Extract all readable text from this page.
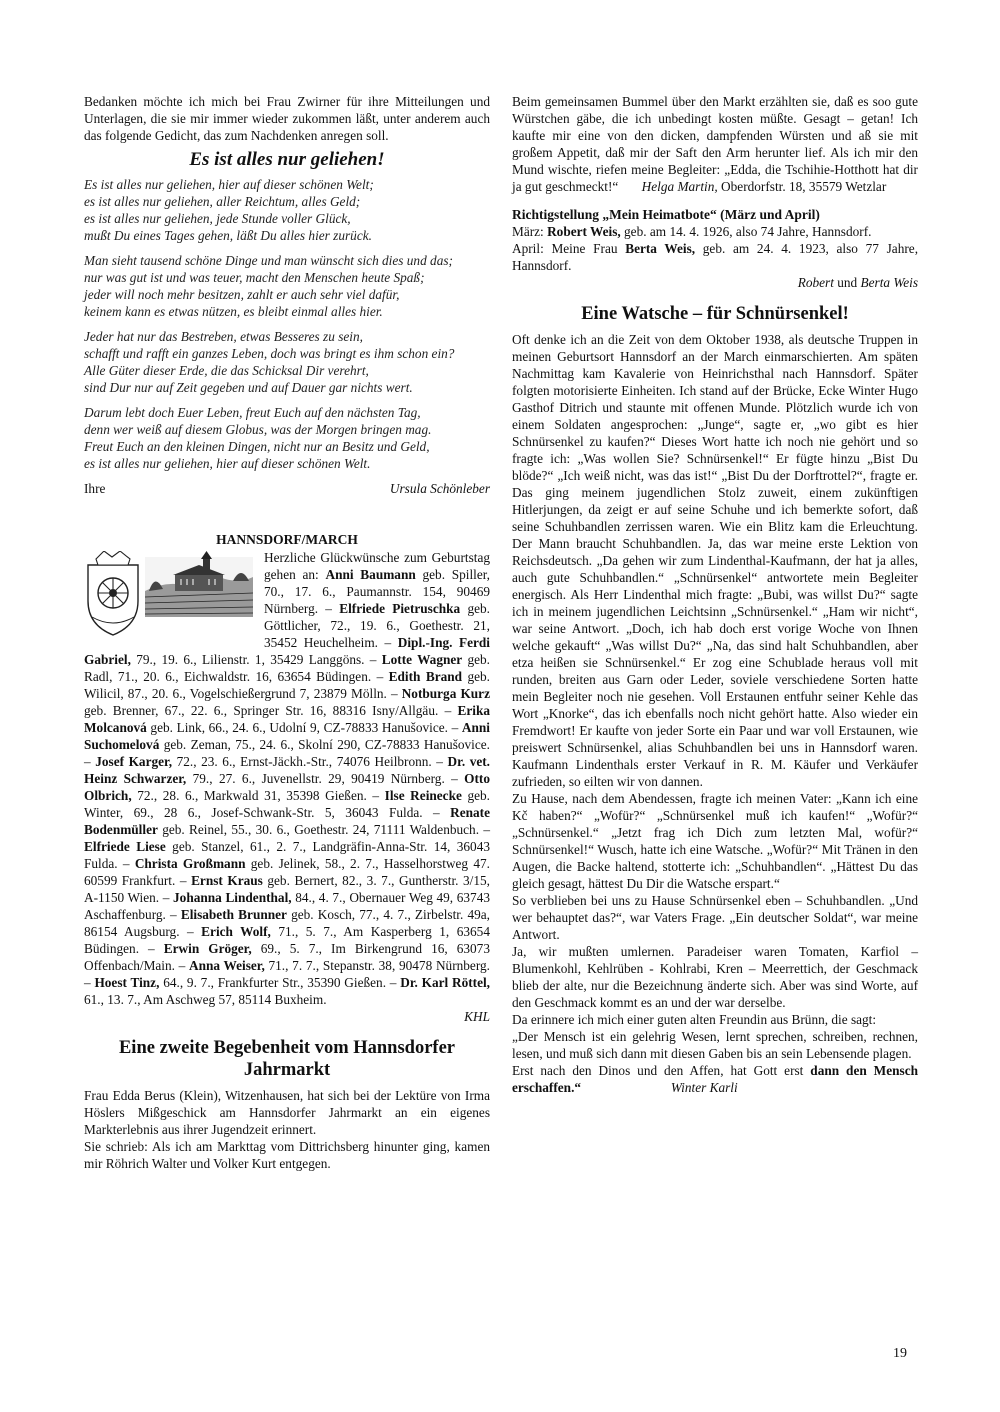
Bedanken möchte ich mich bei Frau Zwirner für ihre Mitteilungen und Unterlagen, die sie mir immer wieder zukommen läßt, unter anderem auch das folgende Gedicht, das zum Nachdenken anregen soll.

Es ist alles nur geliehen!
Es ist alles nur geliehen, hier auf dieser schönen Welt;
es ist alles nur geliehen, aller Reichtum, alles Geld;
es ist alles nur geliehen, jede Stunde voller Glück,
mußt Du eines Tages gehen, läßt Du alles hier zurück.
Man sieht tausend schöne Dinge und man wünscht sich dies und das;
nur was gut ist und was teuer, macht den Menschen heute Spaß;
jeder will noch mehr besitzen, zahlt er auch sehr viel dafür,
keinem kann es etwas nützen, es bleibt einmal alles hier.
Jeder hat nur das Bestreben, etwas Besseres zu sein,
schafft und rafft ein ganzes Leben, doch was bringt es ihm schon ein?
Alle Güter dieser Erde, die das Schicksal Dir verehrt,
sind Dur nur auf Zeit gegeben und auf Dauer gar nichts wert.
Darum lebt doch Euer Leben, freut Euch auf den nächsten Tag,
denn wer weiß auf diesem Globus, was der Morgen bringen mag.
Freut Euch an den kleinen Dingen, nicht nur an Besitz und Geld,
es ist alles nur geliehen, hier auf dieser schönen Welt.
Ihre	Ursula Schönleber
HANNSDORF/MARCH

Herzliche Glückwünsche zum Geburtstag gehen an: Anni Baumann geb. Spiller, 70., 17. 6., Paumannstr. 154, 90469 Nürnberg. – Elfriede Pietruschka geb. Göttlicher, 72., 19. 6., Goethestr. 21, 35452 Heuchelheim. – Dipl.-Ing. Ferdi Gabriel, 79., 19. 6., Lilienstr. 1, 35429 Langgöns. – Lotte Wagner geb. Radl, 71., 20. 6., Eichwaldstr. 16, 63654 Büdingen. – Edith Brand geb. Wilicil, 87., 20. 6., Vogelschießergrund 7, 23879 Mölln. – Notburga Kurz geb. Brenner, 67., 22. 6., Springer Str. 16, 88316 Isny/Allgäu. – Erika Molcanová geb. Link, 66., 24. 6., Udolní 9, CZ-78833 Hanušovice. – Anni Suchomelová geb. Zeman, 75., 24. 6., Skolní 290, CZ-78833 Hanušovice. – Josef Karger, 72., 23. 6., Ernst-Jäckh.-Str., 74076 Heilbronn. – Dr. vet. Heinz Schwarzer, 79., 27. 6., Juvenellstr. 29, 90419 Nürnberg. – Otto Olbrich, 72., 28. 6., Markwald 31, 35398 Gießen. – Ilse Reinecke geb. Winter, 69., 28 6., Josef-Schwank-Str. 5, 36043 Fulda. – Renate Bodenmüller geb. Reinel, 55., 30. 6., Goethestr. 24, 71111 Waldenbuch. – Elfriede Liese geb. Stanzel, 61., 2. 7., Landgräfin-Anna-Str. 14, 36043 Fulda. – Christa Großmann geb. Jelinek, 58., 2. 7., Hasselhorstweg 47. 60599 Frankfurt. – Ernst Kraus geb. Bernert, 82., 3. 7., Guntherstr. 3/15, A-1150 Wien. – Johanna Lindenthal, 84., 4. 7., Obernauer Weg 49, 63743 Aschaffenburg. – Elisabeth Brunner geb. Kosch, 77., 4. 7., Zirbelstr. 49a, 86154 Augsburg. – Erich Wolf, 71., 5. 7., Am Kasperberg 1, 63654 Büdingen. – Erwin Gröger, 69., 5. 7., Im Birkengrund 16, 63073 Offenbach/Main. – Anna Weiser, 71., 7. 7., Stepanstr. 38, 90478 Nürnberg. – Hoest Tinz, 64., 9. 7., Frankfurter Str., 35390 Gießen. – Dr. Karl Röttel, 61., 13. 7., Am Aschweg 57, 85114 Buxheim.

KHL
Eine zweite Begebenheit vom Hannsdorfer Jahrmarkt

Frau Edda Berus (Klein), Witzenhausen, hat sich bei der Lektüre von Irma Höslers Mißgeschick am Hannsdorfer Jahrmarkt an ein eigenes Markterlebnis aus ihrer Jugendzeit erinnert.

Sie schrieb: Als ich am Markttag vom Dittrichsberg hinunter ging, kamen mir Röhrich Walter und Volker Kurt entgegen.

Beim gemeinsamen Bummel über den Markt erzählten sie, daß es soo gute Würstchen gäbe, die ich unbedingt kosten müßte. Gesagt – getan! Ich kaufte mir eine von den dicken, dampfenden Würsten und aß sie mit großem Appetit, daß mir der Saft den Arm herunter lief. Als ich mir den Mund wischte, riefen meine Begleiter: „Edda, die Tschihie-Hotthott hat dir ja gut geschmeckt!“ Helga Martin, Oberdorfstr. 18, 35579 Wetzlar

Richtigstellung „Mein Heimatbote“ (März und April)

März: Robert Weis, geb. am 14. 4. 1926, also 74 Jahre, Hannsdorf.

April: Meine Frau Berta Weis, geb. am 24. 4. 1923, also 77 Jahre, Hannsdorf.

Robert und Berta Weis
Eine Watsche – für Schnürsenkel!

Oft denke ich an die Zeit von dem Oktober 1938, als deutsche Truppen in meinen Geburtsort Hannsdorf an der March einmarschierten. Am späten Nachmittag kam Kavalerie von Heinrichsthal nach Hannsdorf. Später folgten motorisierte Einheiten. Ich stand auf der Brücke, Ecke Winter Hugo Gasthof Ditrich und staunte mit offenen Munde. Plötzlich wurde ich von einem Soldaten angesprochen: „Junge“, sagte er, „wo gibt es hier Schnürsenkel zu kaufen?“ Dieses Wort hatte ich noch nie gehört und so fragte ich: „Was wollen Sie? Schnürsenkel!“ Er fügte hinzu „Bist Du blöde?“ „Ich weiß nicht, was das ist!“ „Bist Du der Dorftrottel?“, fragte er. Das ging meinem jugendlichen Stolz zuweit, einem zukünftigen Hitlerjungen, da zeigt er auf seine Schuhe und ich bemerkte sofort, daß seine Schuhbandlen zerrissen waren. Wie ein Blitz kam die Erleuchtung. Der Mann braucht Schuhbandlen. Ja, das war meine erste Lektion von Reichsdeutsch. „Da gehen wir zum Lindenthal-Kaufmann, der hat ja alles, auch gute Schuhbandlen.“ „Schnürsenkel“ antwortete mein Begleiter energisch. Als Herr Lindenthal mich fragte: „Bubi, was willst Du?“ sagte ich in meinem jugendlichen Leichtsinn „Schnürsenkel.“ „Ham wir nicht“, war seine Antwort. „Doch, ich hab doch erst vorige Woche von Ihnen welche gekauft“ „Was willst Du?“ „Na, das sind halt Schuhbandlen, aber etza heißen sie Schnürsenkel.“ Er zog eine Schublade heraus voll mit runden, breiten aus Garn oder Leder, soviele verschiedene Sorten hatte mein Begleiter noch nie gesehen. Voll Erstaunen entfuhr seiner Kehle das Wort „Knorke“, das ich ebenfalls noch nicht gehört hatte. Also wieder ein Fremdwort! Er kaufte von jeder Sorte ein Paar und war voll Erstaunen, wie preiswert Schnürsenkel, alias Schuhbandlen bei uns in Hannsdorf waren. Kaufmann Lindenthals erster Verkauf in R. M. Käufer und Verkäufer zufrieden, so eilten wir von dannen.

Zu Hause, nach dem Abendessen, fragte ich meinen Vater: „Kann ich eine Kč haben?“ „Wofür?“ „Schnürsenkel muß ich kaufen!“ „Wofür?“ „Schnürsenkel.“ „Jetzt frag ich Dich zum letzten Mal, wofür?“ Schnürsenkel!“ Wusch, hatte ich eine Watsche. „Wofür?“ Mit Tränen in den Augen, die Backe haltend, stotterte ich: „Schuhbandlen“. „Hättest Du das gleich gesagt, hättest Du Dir die Watsche erspart.“

So verblieben bei uns zu Hause Schnürsenkel eben – Schuhbandlen. „Und wer behauptet das?“, war Vaters Frage. „Ein deutscher Soldat“, war meine Antwort.

Ja, wir mußten umlernen. Paradeiser waren Tomaten, Karfiol – Blumenkohl, Kehlrüben - Kohlrabi, Kren – Meerrettich, der Geschmack blieb der alte, nur die Bezeichnung änderte sich. Aber was sind Worte, auf den Geschmack kommt es an und der war derselbe.

Da erinnere ich mich einer guten alten Freundin aus Brünn, die sagt:

„Der Mensch ist ein gelehrig Wesen, lernt sprechen, schreiben, rechnen, lesen, und muß sich dann mit diesen Gaben bis an sein Lebensende plagen.

Erst nach den Dinos und den Affen, hat Gott erst dann den Mensch erschaffen.“	Winter Karli

19
